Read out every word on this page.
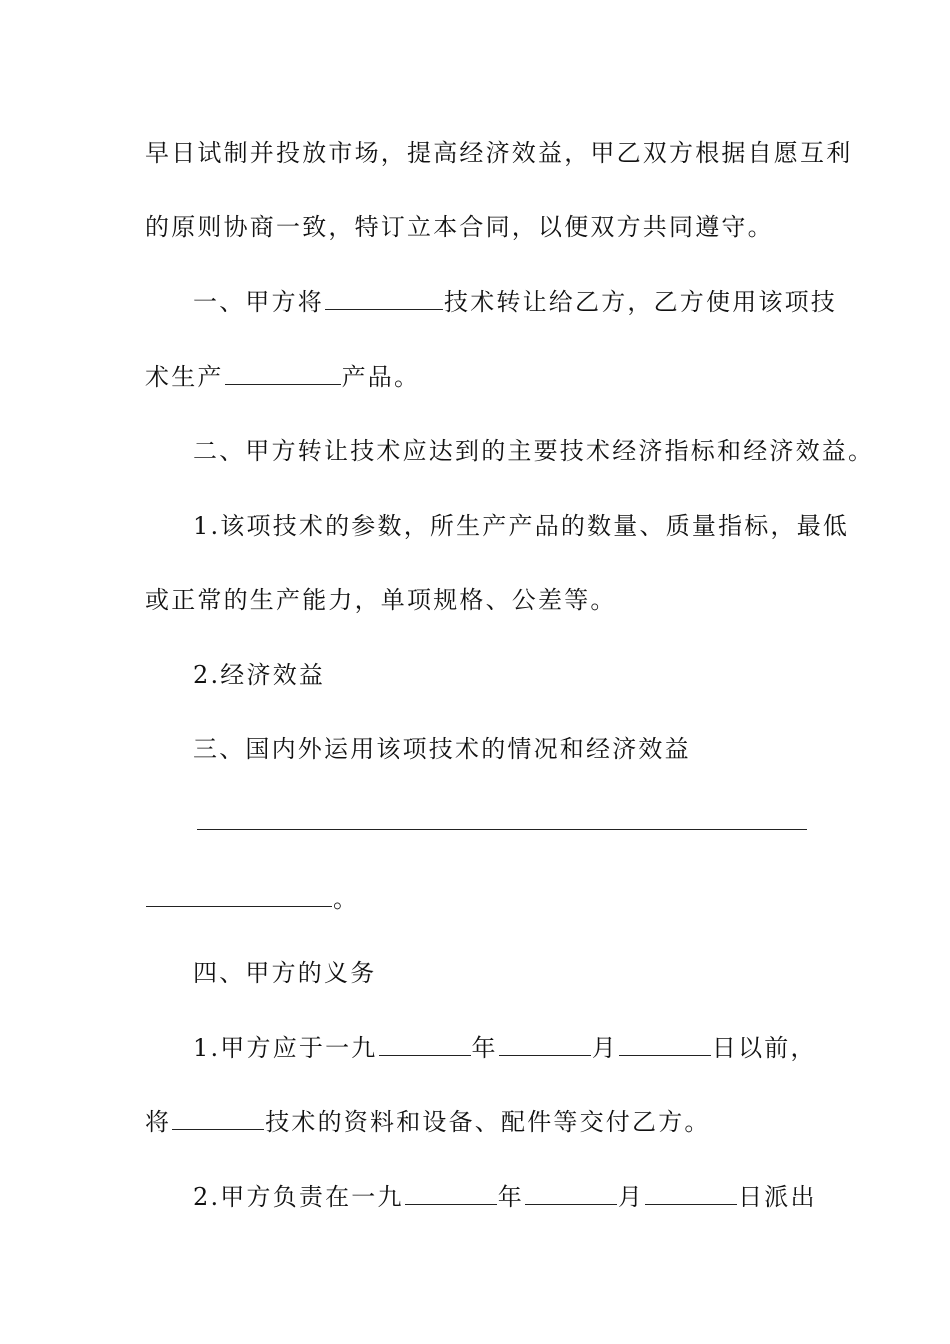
早日试制并投放市场，提高经济效益，甲乙双方根据自愿互利
的原则协商一致，特订立本合同，以便双方共同遵守。
一、甲方将	技术转让给乙方，乙方使用该项技
术生产	产品。
二、甲方转让技术应达到的主要技术经济指标和经济效益。
1.该项技术的参数，所生产产品的数量、质量指标，最低
或正常的生产能力，单项规格、公差等。
2.经济效益
三、国内外运用该项技术的情况和经济效益
。
四、甲方的义务
1.甲方应于一九	年	月	日以前，
将	技术的资料和设备、配件等交付乙方。
2.甲方负责在一九	年	月	日派出
